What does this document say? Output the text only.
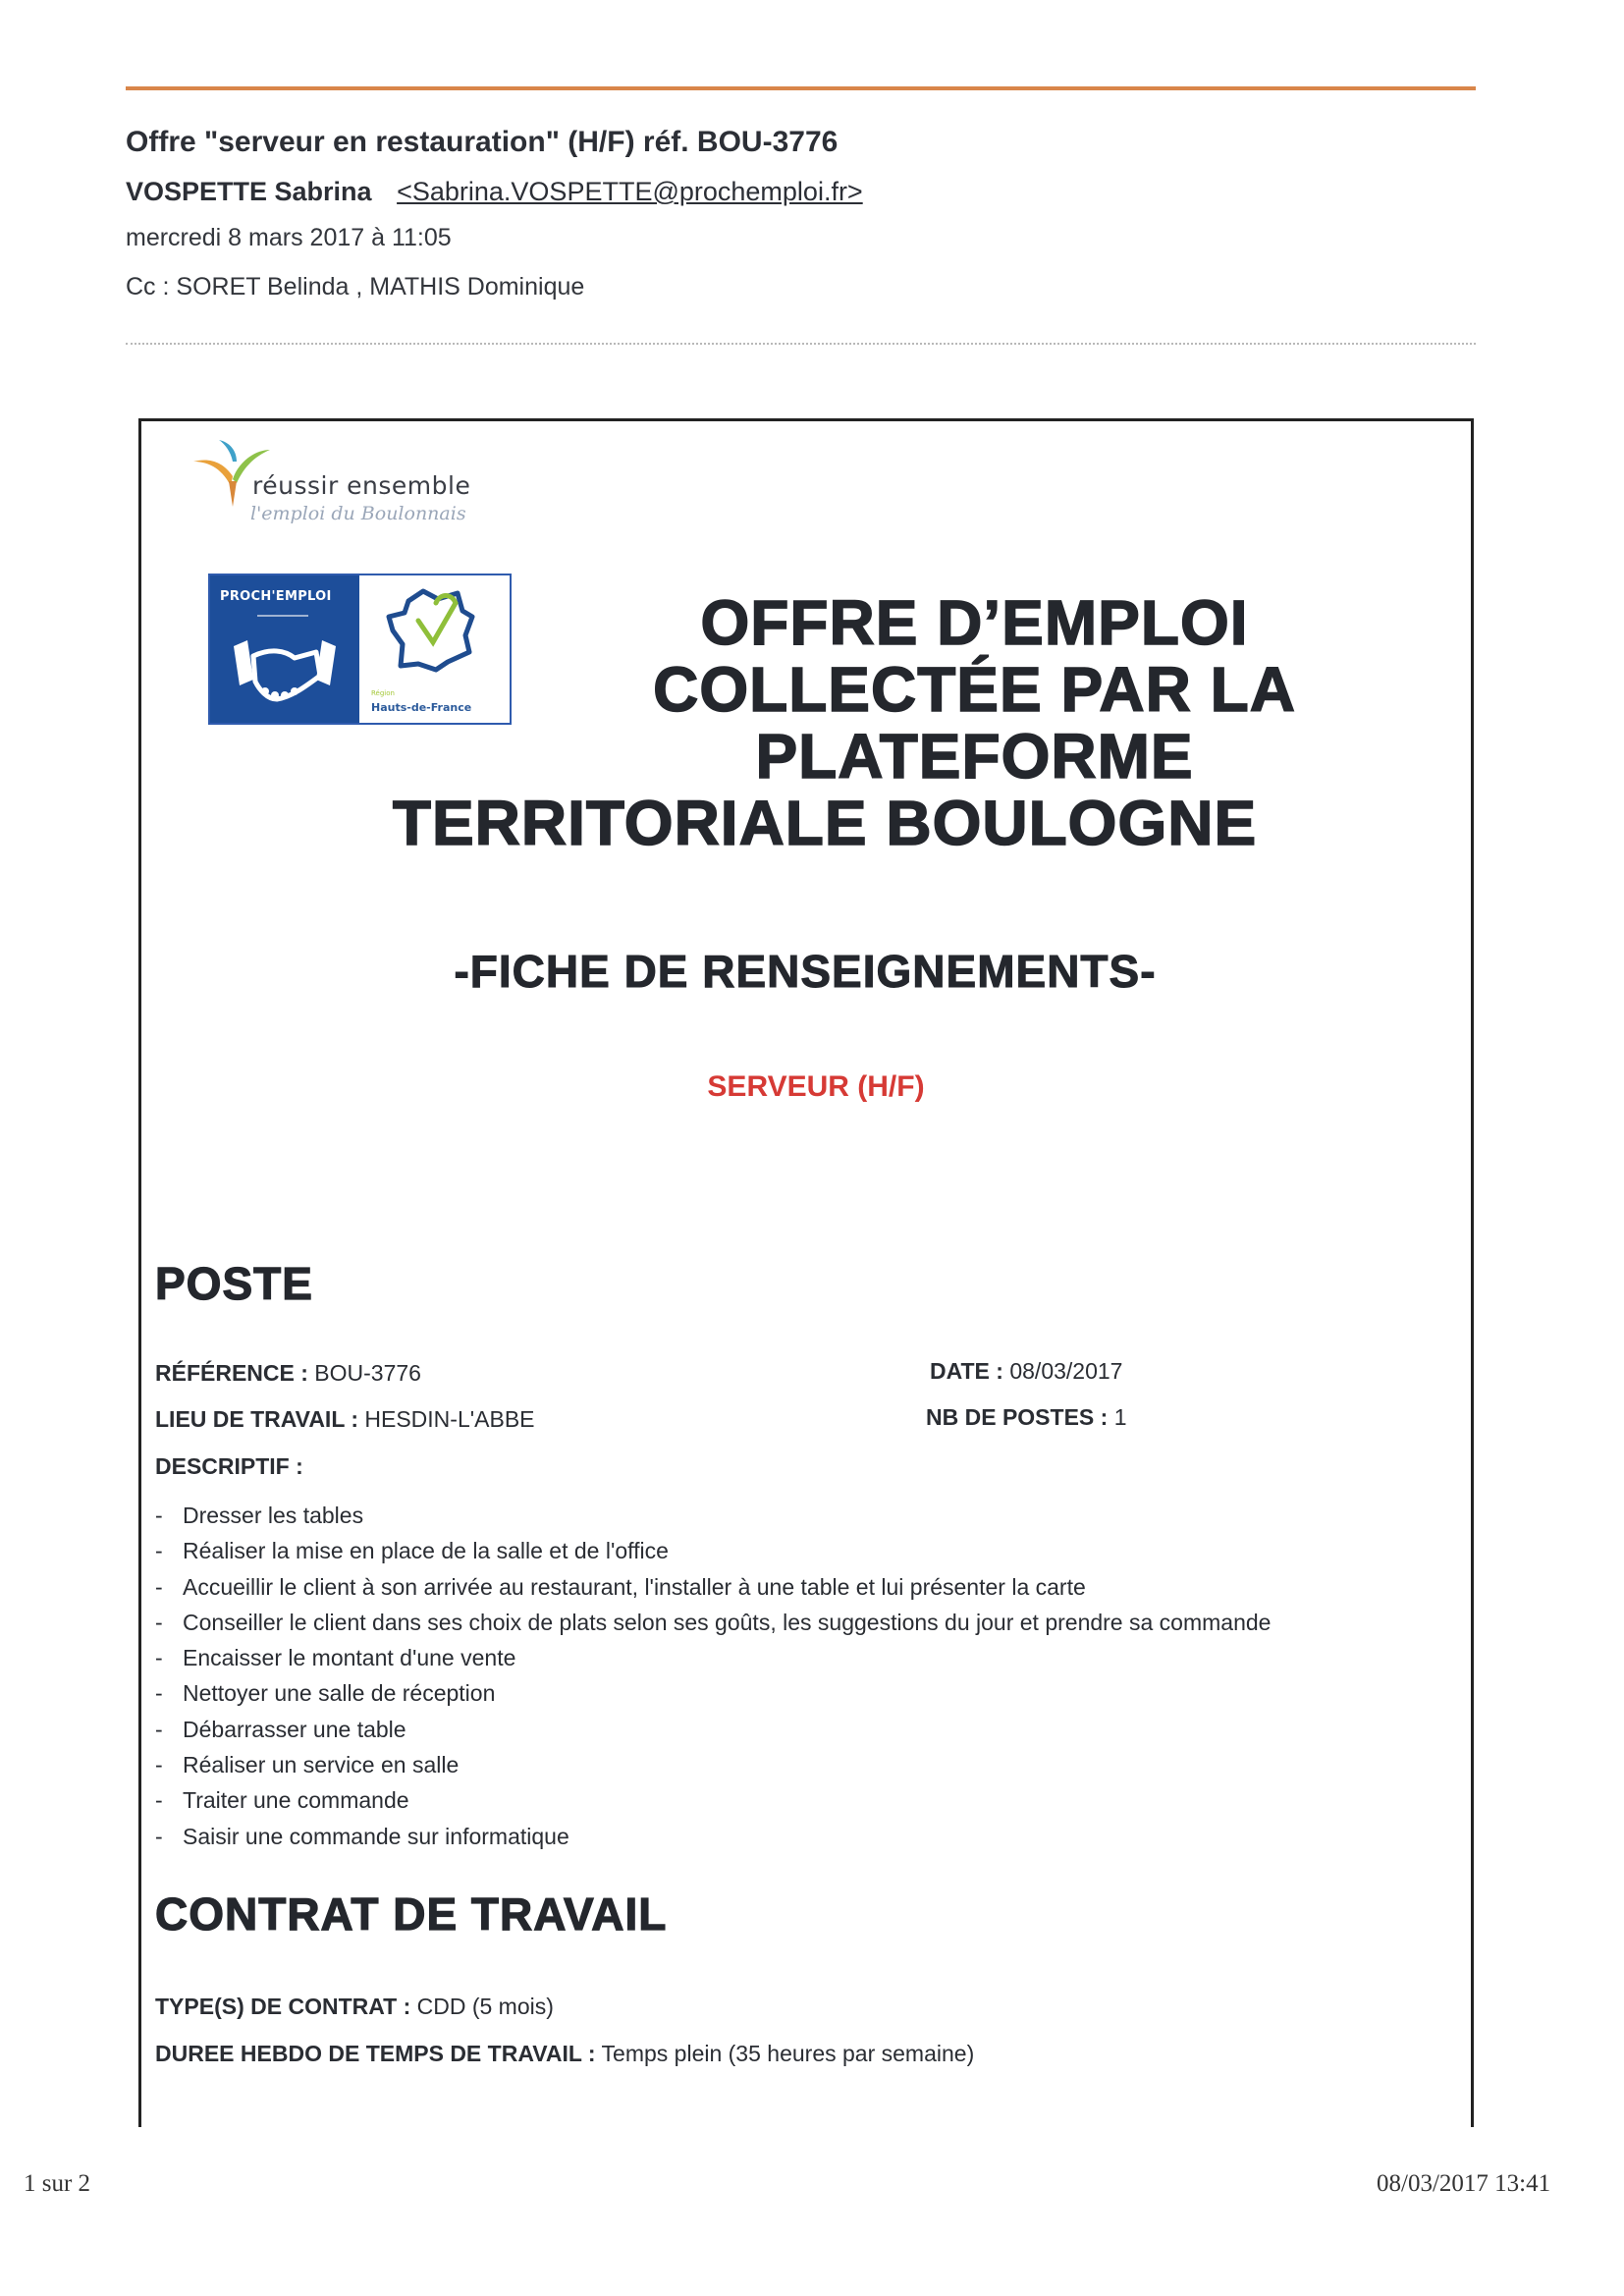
Offre "serveur en restauration" (H/F) réf. BOU-3776
VOSPETTE Sabrina <Sabrina.VOSPETTE@prochemploi.fr>
mercredi 8 mars 2017 à 11:05
Cc : SORET Belinda , MATHIS Dominique
réussir ensemble
l'emploi du Boulonnais
PROCH'EMPLOI
Région
Hauts-de-France
OFFRE D’EMPLOI
COLLECTÉE PAR LA
PLATEFORME
TERRITORIALE BOULOGNE
-FICHE DE RENSEIGNEMENTS-
SERVEUR (H/F)
POSTE
RÉFÉRENCE : BOU-3776	DATE : 08/03/2017
LIEU DE TRAVAIL : HESDIN-L'ABBE	NB DE POSTES : 1
DESCRIPTIF :
- Dresser les tables
- Réaliser la mise en place de la salle et de l'office
- Accueillir le client à son arrivée au restaurant, l'installer à une table et lui présenter la carte
- Conseiller le client dans ses choix de plats selon ses goûts, les suggestions du jour et prendre sa commande
- Encaisser le montant d'une vente
- Nettoyer une salle de réception
- Débarrasser une table
- Réaliser un service en salle
- Traiter une commande
- Saisir une commande sur informatique
CONTRAT DE TRAVAIL
TYPE(S) DE CONTRAT : CDD (5 mois)
DUREE HEBDO DE TEMPS DE TRAVAIL : Temps plein (35 heures par semaine)
1 sur 2	08/03/2017 13:41
